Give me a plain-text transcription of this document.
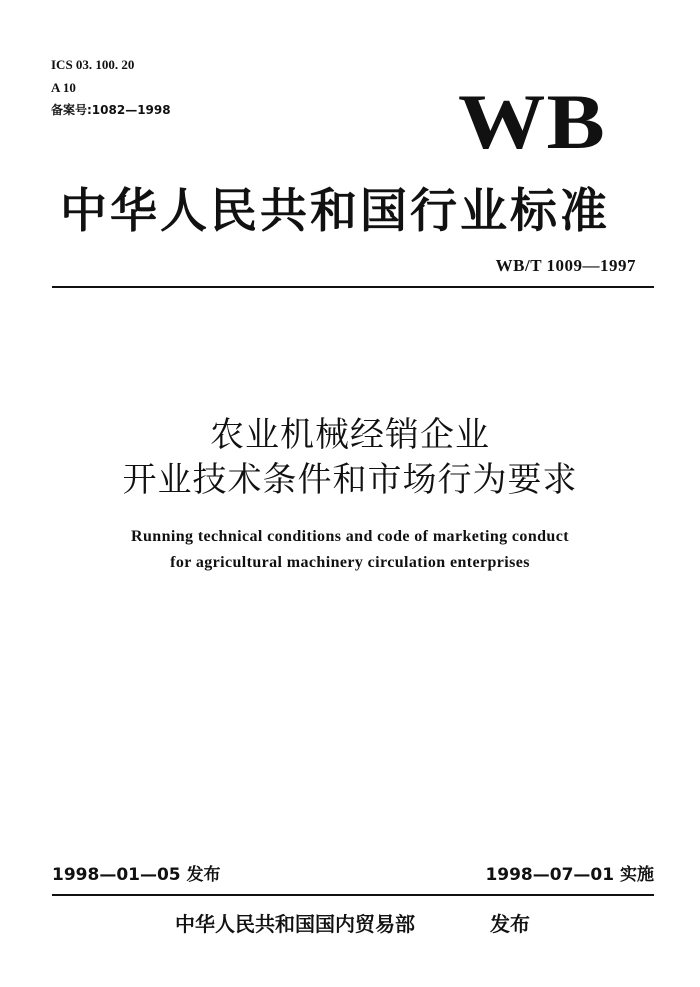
ICS 03. 100. 20
A 10
备案号:1082—1998	WB
中华人民共和国行业标准
WB/T 1009—1997
农业机械经销企业
开业技术条件和市场行为要求
Running technical conditions and code of marketing conduct
for agricultural machinery circulation enterprises
1998—01—05 发布	1998—07—01 实施
中华人民共和国国内贸易部	发布
